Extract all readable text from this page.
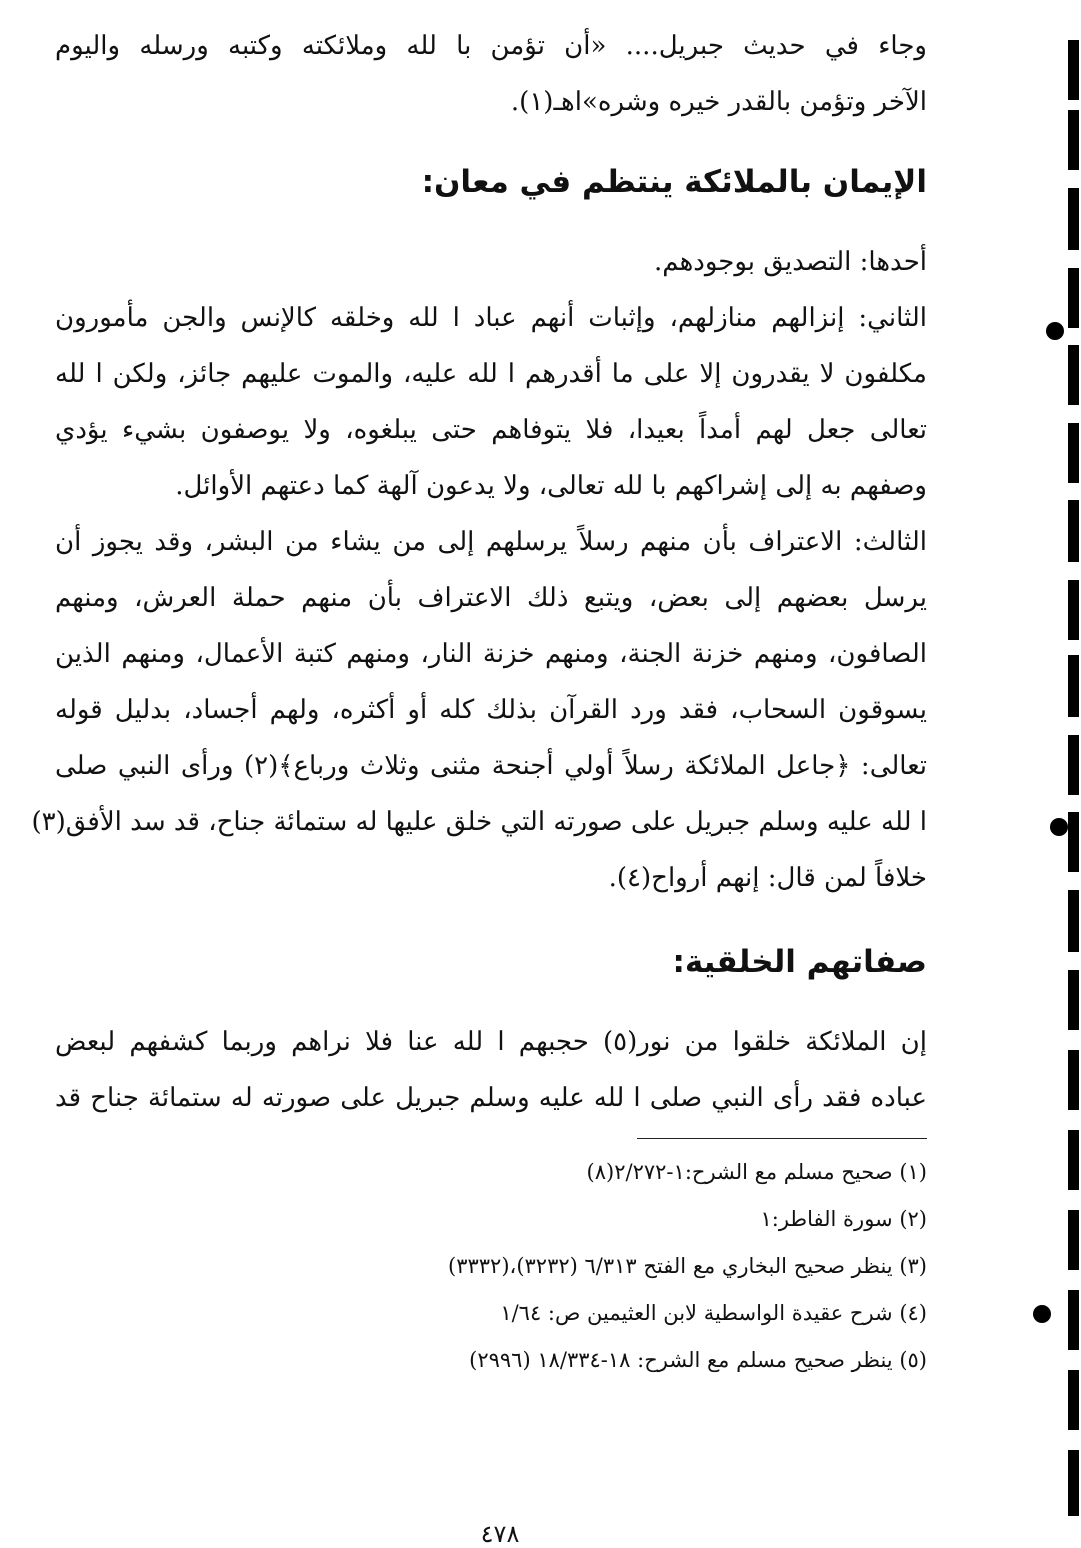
وجاء في حديث جبريل.... «أن تؤمن با لله وملائكته وكتبه ورسله واليوم
الآخر وتؤمن بالقدر خيره وشره»اهـ(١).
الإيمان بالملائكة ينتظم في معان:
أحدها: التصديق بوجودهم.
الثاني: إنزالهم منازلهم، وإثبات أنهم عباد ا لله وخلقه كالإنس والجن مأمورون
مكلفون لا يقدرون إلا على ما أقدرهم ا لله عليه، والموت عليهم جائز، ولكن ا لله
تعالى جعل لهم أمداً بعيدا، فلا يتوفاهم حتى يبلغوه، ولا يوصفون بشيء يؤدي
وصفهم به إلى إشراكهم با لله تعالى، ولا يدعون آلهة كما دعتهم الأوائل.
الثالث: الاعتراف بأن منهم رسلاً يرسلهم إلى من يشاء من البشر، وقد يجوز أن
يرسل بعضهم إلى بعض، ويتبع ذلك الاعتراف بأن منهم حملة العرش، ومنهم
الصافون، ومنهم خزنة الجنة، ومنهم خزنة النار، ومنهم كتبة الأعمال، ومنهم الذين
يسوقون السحاب، فقد ورد القرآن بذلك كله أو أكثره، ولهم أجساد، بدليل قوله
تعالى: ﴿جاعل الملائكة رسلاً أولي أجنحة مثنى وثلاث ورباع﴾(٢) ورأى النبي صلى
ا لله عليه وسلم جبريل على صورته التي خلق عليها له ستمائة جناح، قد سد الأفق(٣)
خلافاً لمن قال: إنهم أرواح(٤).
صفاتهم الخلقية:
إن الملائكة خلقوا من نور(٥) حجبهم ا لله عنا فلا نراهم وربما كشفهم لبعض
عباده فقد رأى النبي صلى ا لله عليه وسلم جبريل على صورته له ستمائة جناح قد
(١) صحيح مسلم مع الشرح:١-٢/٢٧٢(٨)
(٢) سورة الفاطر:١
(٣) ينظر صحيح البخاري مع الفتح ٦/٣١٣ (٣٢٣٢)،(٣٣٣٢)
(٤) شرح عقيدة الواسطية لابن العثيمين ص: ١/٦٤
(٥) ينظر صحيح مسلم مع الشرح: ١٨-١٨/٣٣٤ (٢٩٩٦)
٤٧٨
